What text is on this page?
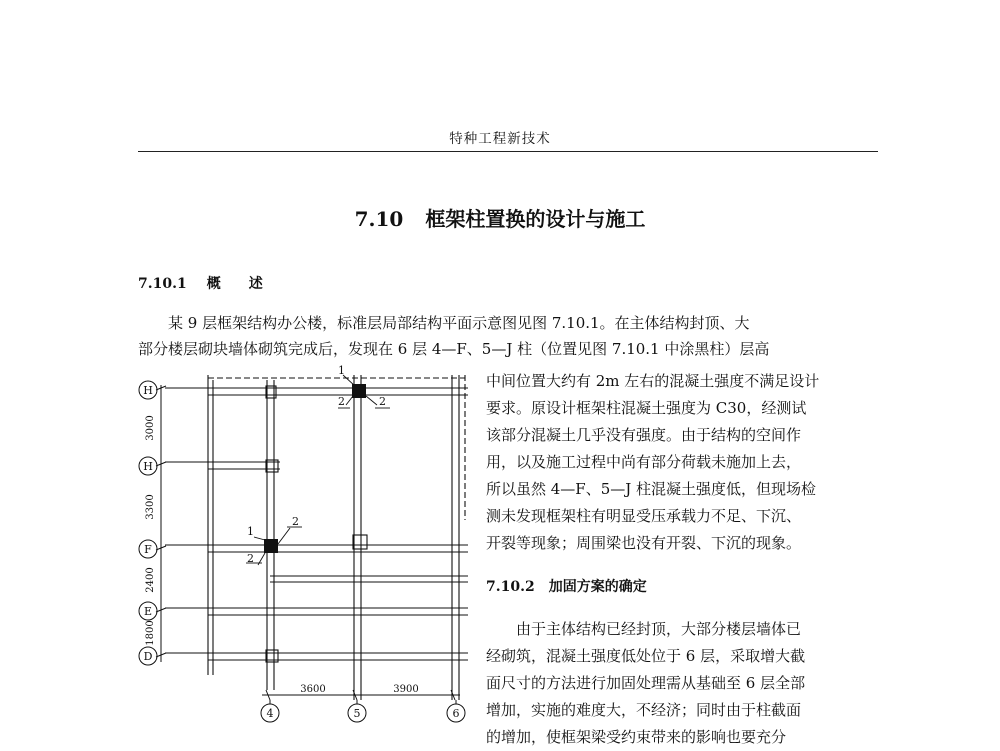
特种工程新技术
7.10 框架柱置换的设计与施工
7.10.1 概 述
　　某 9 层框架结构办公楼，标准层局部结构平面示意图见图 7.10.1。在主体结构封顶、大
部分楼层砌块墙体砌筑完成后，发现在 6 层 4—F、5—J 柱（位置见图 7.10.1 中涂黑柱）层高
中间位置大约有 2m 左右的混凝土强度不满足设计
要求。原设计框架柱混凝土强度为 C30，经测试
该部分混凝土几乎没有强度。由于结构的空间作
用，以及施工过程中尚有部分荷载未施加上去，
所以虽然 4—F、5—J 柱混凝土强度低，但现场检
测未发现框架柱有明显受压承载力不足、下沉、
开裂等现象；周围梁也没有开裂、下沉的现象。
7.10.2 加固方案的确定
　　由于主体结构已经封顶，大部分楼层墙体已
经砌筑，混凝土强度低处位于 6 层，采取增大截
面尺寸的方法进行加固处理需从基础至 6 层全部
增加，实施的难度大，不经济；同时由于柱截面
的增加，使框架梁受约束带来的影响也要充分
1
2	2
1
2
2
H
H
F
E
D
3000
3300
2400
1800
3600	3900
4	5	6
